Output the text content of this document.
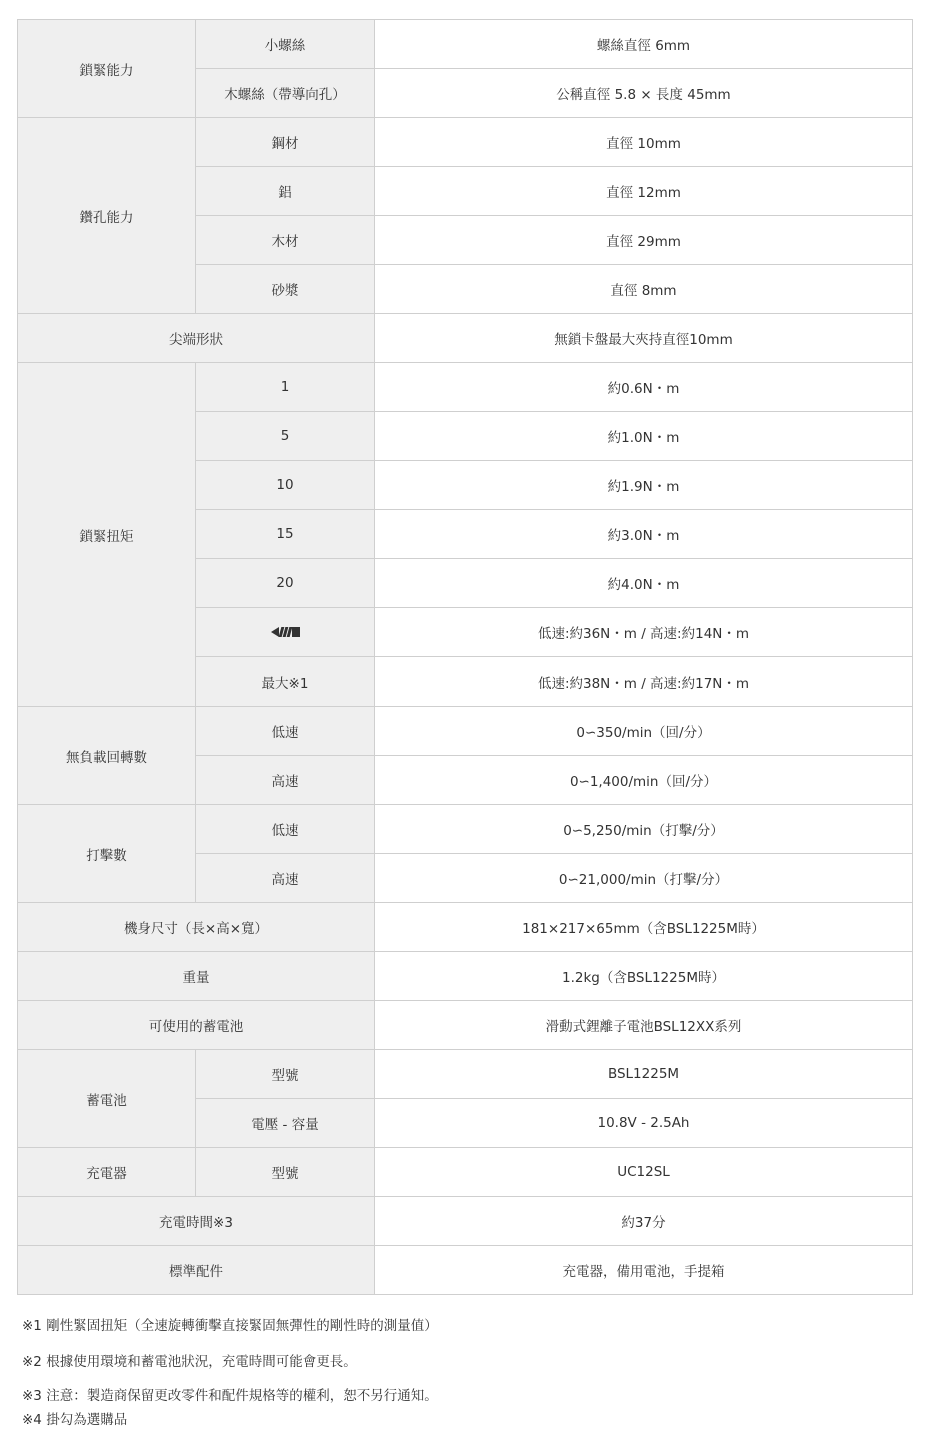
鎖緊能力	小螺絲	螺絲直徑 6mm
	木螺絲（帶導向孔）	公稱直徑 5.8 × 長度 45mm
鑽孔能力	鋼材	直徑 10mm
	鋁	直徑 12mm
	木材	直徑 29mm
	砂漿	直徑 8mm
尖端形狀		無鎖卡盤最大夾持直徑10mm
鎖緊扭矩	1	約0.6N・m
	5	約1.0N・m
	10	約1.9N・m
	15	約3.0N・m
	20	約4.0N・m

		低速:約36N・m / 高速:約14N・m
	最大※1	低速:約38N・m / 高速:約17N・m
無負載回轉數	低速	0∽350/min（回/分）
	高速	0∽1,400/min（回/分）
打擊數	低速	0∽5,250/min（打擊/分）
	高速	0∽21,000/min（打擊/分）
機身尺寸（長×高×寬）		181×217×65mm（含BSL1225M時）
重量		1.2kg（含BSL1225M時）
可使用的蓄電池		滑動式鋰離子電池BSL12XX系列
蓄電池	型號	BSL1225M
	電壓 - 容量	10.8V - 2.5Ah
充電器	型號	UC12SL
充電時間※3		約37分
標準配件		充電器，備用電池，手提箱
※1 剛性緊固扭矩（全速旋轉衝擊直接緊固無彈性的剛性時的測量值）
※2 根據使用環境和蓄電池狀況，充電時間可能會更長。
※3 注意：製造商保留更改零件和配件規格等的權利，恕不另行通知。
※4 掛勾為選購品
